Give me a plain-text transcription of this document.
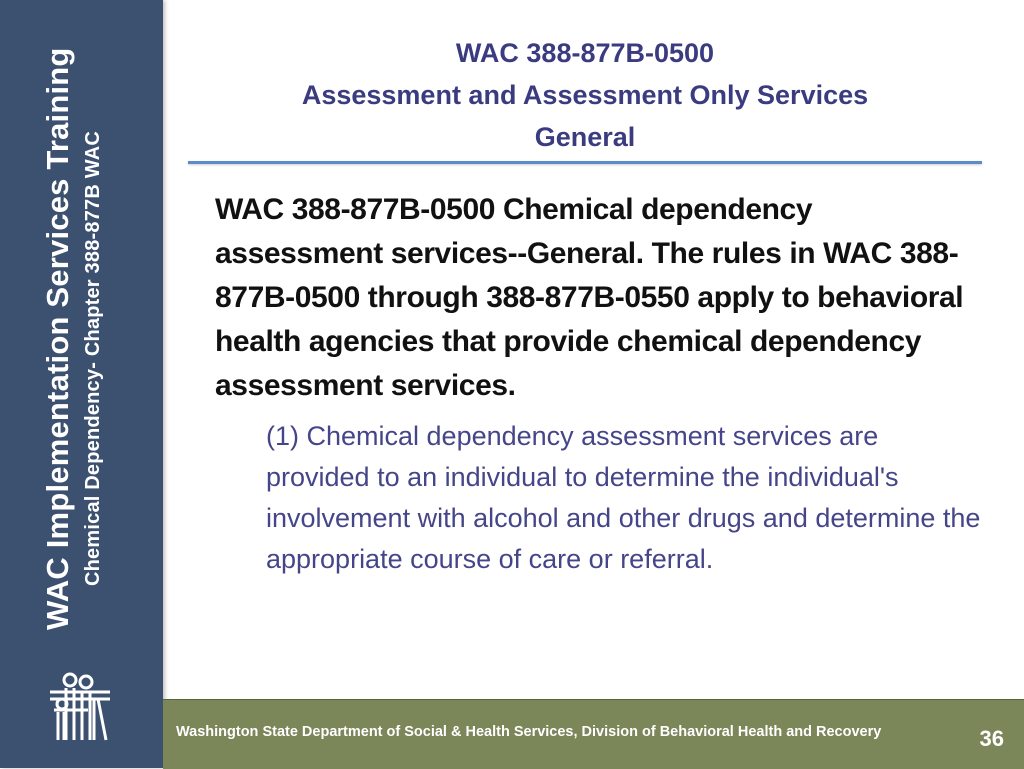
WAC Implementation Services Training Chemical Dependency- Chapter 388-877B WAC
WAC 388-877B-0500
Assessment and Assessment Only Services
General
WAC 388-877B-0500 Chemical dependency assessment services--General. The rules in WAC 388-877B-0500 through 388-877B-0550 apply to behavioral health agencies that provide chemical dependency assessment services.
(1) Chemical dependency assessment services are provided to an individual to determine the individual's involvement with alcohol and other drugs and determine the appropriate course of care or referral.
Washington State Department of Social & Health Services, Division of Behavioral Health and Recovery	36
